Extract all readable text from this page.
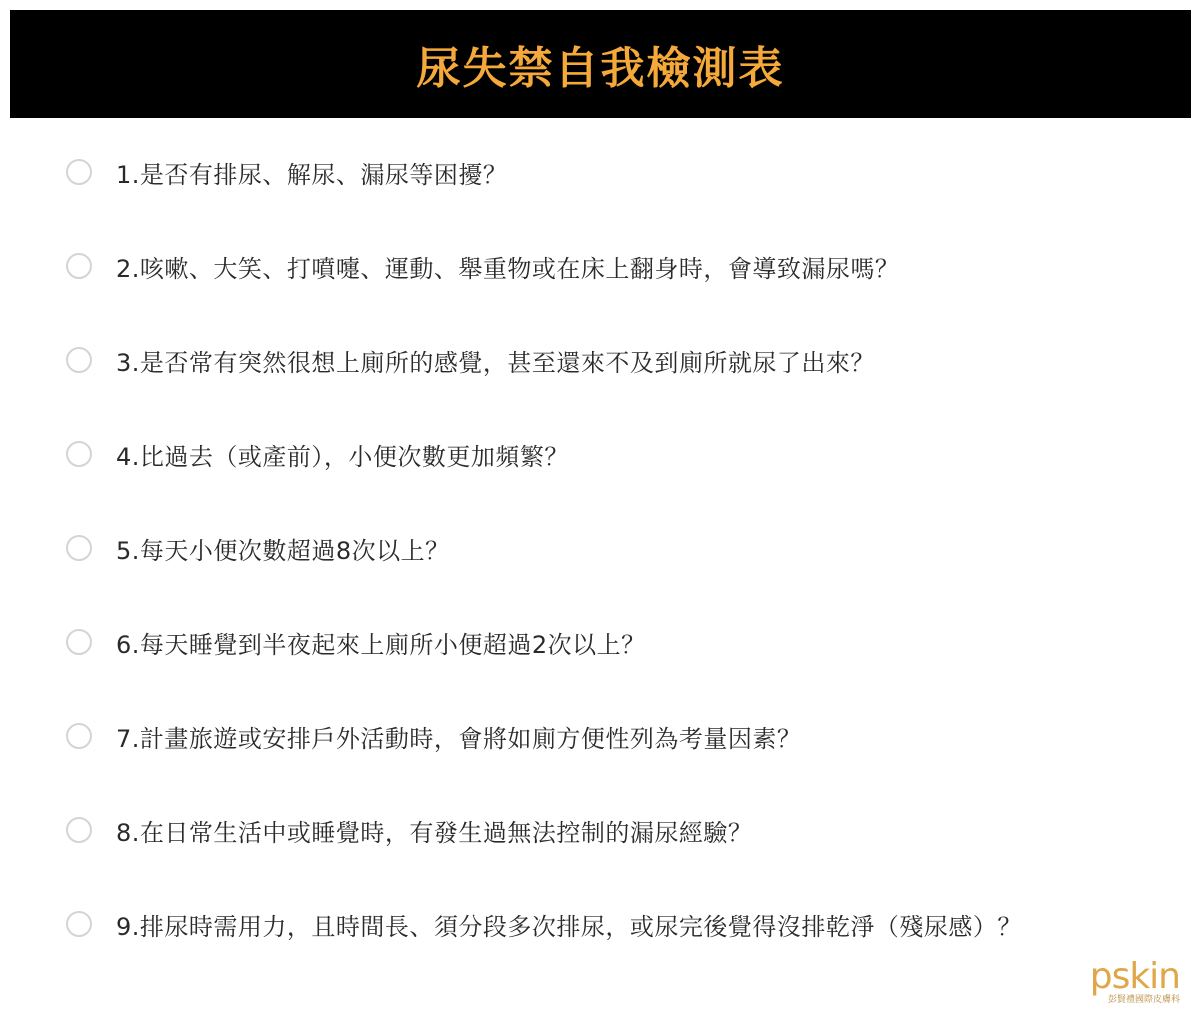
尿失禁自我檢測表
1.是否有排尿、解尿、漏尿等困擾？
2.咳嗽、大笑、打噴嚏、運動、舉重物或在床上翻身時，會導致漏尿嗎？
3.是否常有突然很想上廁所的感覺，甚至還來不及到廁所就尿了出來？
4.比過去（或產前），小便次數更加頻繁？
5.每天小便次數超過8次以上？
6.每天睡覺到半夜起來上廁所小便超過2次以上？
7.計畫旅遊或安排戶外活動時，會將如廁方便性列為考量因素？
8.在日常生活中或睡覺時，有發生過無法控制的漏尿經驗？
9.排尿時需用力，且時間長、須分段多次排尿，或尿完後覺得沒排乾淨（殘尿感）？
pskin
彭賢禮國際皮膚科
